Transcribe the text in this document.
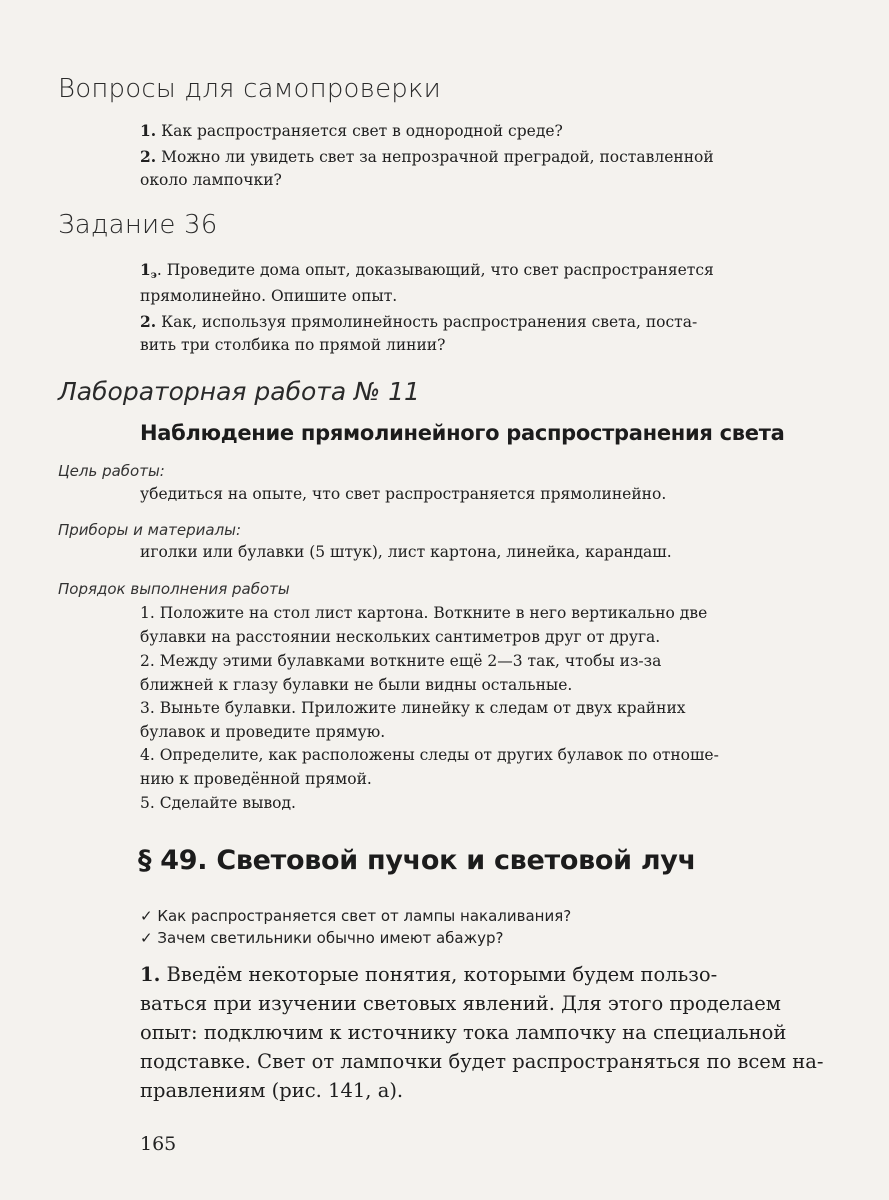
Вопросы для самопроверки
1. Как распространяется свет в однородной среде?
2. Можно ли увидеть свет за непрозрачной преградой, поставленной
около лампочки?
Задание 36
$1_э$. Проведите дома опыт, доказывающий, что свет распространяется
прямолинейно. Опишите опыт.
2. Как, используя прямолинейность распространения света, поста-
вить три столбика по прямой линии?
Лабораторная работа № 11
Наблюдение прямолинейного распространения света
Цель работы:
убедиться на опыте, что свет распространяется прямолинейно.
Приборы и материалы:
иголки или булавки (5 штук), лист картона, линейка, карандаш.
Порядок выполнения работы
1. Положите на стол лист картона. Воткните в него вертикально две
булавки на расстоянии нескольких сантиметров друг от друга.
2. Между этими булавками воткните ещё 2—3 так, чтобы из-за
ближней к глазу булавки не были видны остальные.
3. Выньте булавки. Приложите линейку к следам от двух крайних
булавок и проведите прямую.
4. Определите, как расположены следы от других булавок по отноше-
нию к проведённой прямой.
5. Сделайте вывод.
§ 49. Световой пучок и световой луч
✓ Как распространяется свет от лампы накаливания?
✓ Зачем светильники обычно имеют абажур?
1. Введём некоторые понятия, которыми будем пользо-
ваться при изучении световых явлений. Для этого проделаем
опыт: подключим к источнику тока лампочку на специальной
подставке. Свет от лампочки будет распространяться по всем на-
правлениям (рис. 141, а).
165
